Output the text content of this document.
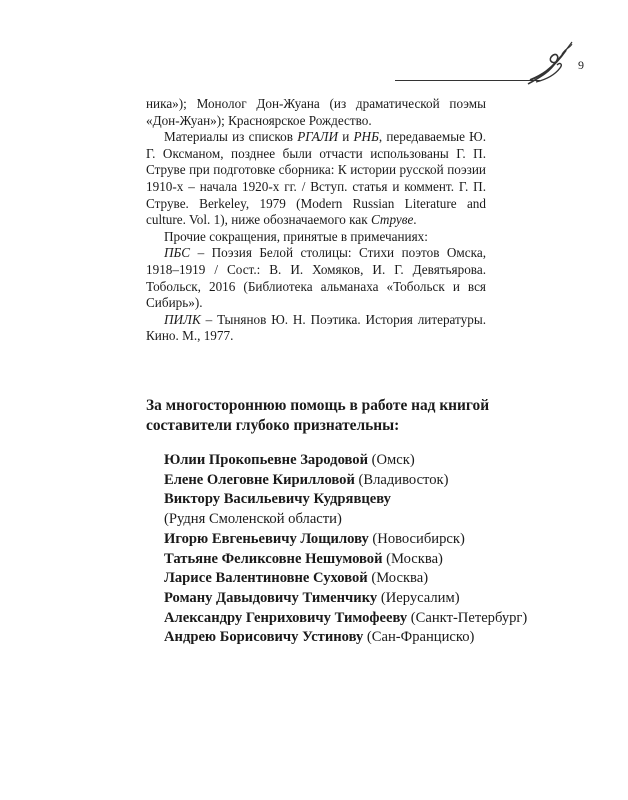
9

ника»); Монолог Дон-Жуана (из драматической поэмы «Дон-Жуан»); Красноярское Рождество.

Материалы из списков РГАЛИ и РНБ, передаваемые Ю. Г. Оксманом, позднее были отчасти использованы Г. П. Струве при подготовке сборника: К истории русской поэзии 1910-х – начала 1920-х гг. / Вступ. статья и коммент. Г. П. Струве. Berkeley, 1979 (Modern Russian Literature and culture. Vol. 1), ниже обозначаемого как Струве.

Прочие сокращения, принятые в примечаниях:

ПБС – Поэзия Белой столицы: Стихи поэтов Омска, 1918–1919 / Сост.: В. И. Хомяков, И. Г. Девятьярова. Тобольск, 2016 (Библиотека альманаха «Тобольск и вся Сибирь»).

ПИЛК – Тынянов Ю. Н. Поэтика. История литературы. Кино. М., 1977.

За многостороннюю помощь в работе над книгой составители глубоко признательны:
Юлии Прокопьевне Зародовой (Омск)
Елене Олеговне Кирилловой (Владивосток)
Виктору Васильевичу Кудрявцеву
(Рудня Смоленской области)
Игорю Евгеньевичу Лощилову (Новосибирск)
Татьяне Феликсовне Нешумовой (Москва)
Ларисе Валентиновне Суховой (Москва)
Роману Давыдовичу Тименчику (Иерусалим)
Александру Генриховичу Тимофееву (Санкт-Петербург)
Андрею Борисовичу Устинову (Сан-Франциско)
